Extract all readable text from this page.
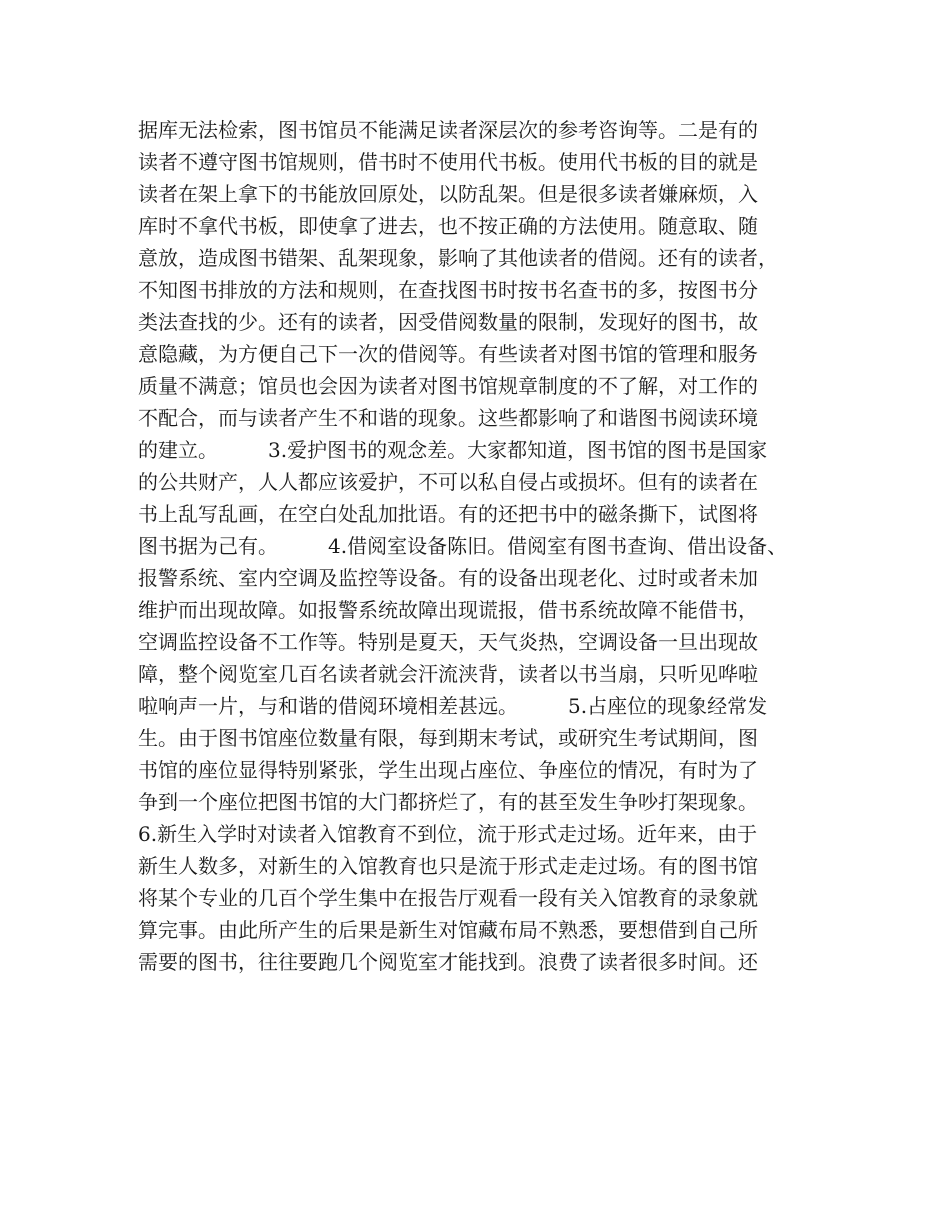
据库无法检索，图书馆员不能满足读者深层次的参考咨询等。二是有的
读者不遵守图书馆规则，借书时不使用代书板。使用代书板的目的就是
读者在架上拿下的书能放回原处，以防乱架。但是很多读者嫌麻烦，入
库时不拿代书板，即使拿了进去，也不按正确的方法使用。随意取、随
意放，造成图书错架、乱架现象，影响了其他读者的借阅。还有的读者，
不知图书排放的方法和规则，在查找图书时按书名查书的多，按图书分
类法查找的少。还有的读者，因受借阅数量的限制，发现好的图书，故
意隐藏，为方便自己下一次的借阅等。有些读者对图书馆的管理和服务
质量不满意；馆员也会因为读者对图书馆规章制度的不了解，对工作的
不配合，而与读者产生不和谐的现象。这些都影响了和谐图书阅读环境
的建立。　　　3.爱护图书的观念差。大家都知道，图书馆的图书是国家
的公共财产，人人都应该爱护，不可以私自侵占或损坏。但有的读者在
书上乱写乱画，在空白处乱加批语。有的还把书中的磁条撕下，试图将
图书据为己有。　　　4.借阅室设备陈旧。借阅室有图书查询、借出设备、
报警系统、室内空调及监控等设备。有的设备出现老化、过时或者未加
维护而出现故障。如报警系统故障出现谎报，借书系统故障不能借书，
空调监控设备不工作等。特别是夏天，天气炎热，空调设备一旦出现故
障，整个阅览室几百名读者就会汗流浃背，读者以书当扇，只听见哗啦
啦响声一片，与和谐的借阅环境相差甚远。　　　5.占座位的现象经常发
生。由于图书馆座位数量有限，每到期末考试，或研究生考试期间，图
书馆的座位显得特别紧张，学生出现占座位、争座位的情况，有时为了
争到一个座位把图书馆的大门都挤烂了，有的甚至发生争吵打架现象。
6.新生入学时对读者入馆教育不到位，流于形式走过场。近年来，由于
新生人数多，对新生的入馆教育也只是流于形式走走过场。有的图书馆
将某个专业的几百个学生集中在报告厅观看一段有关入馆教育的录象就
算完事。由此所产生的后果是新生对馆藏布局不熟悉，要想借到自己所
需要的图书，往往要跑几个阅览室才能找到。浪费了读者很多时间。还
